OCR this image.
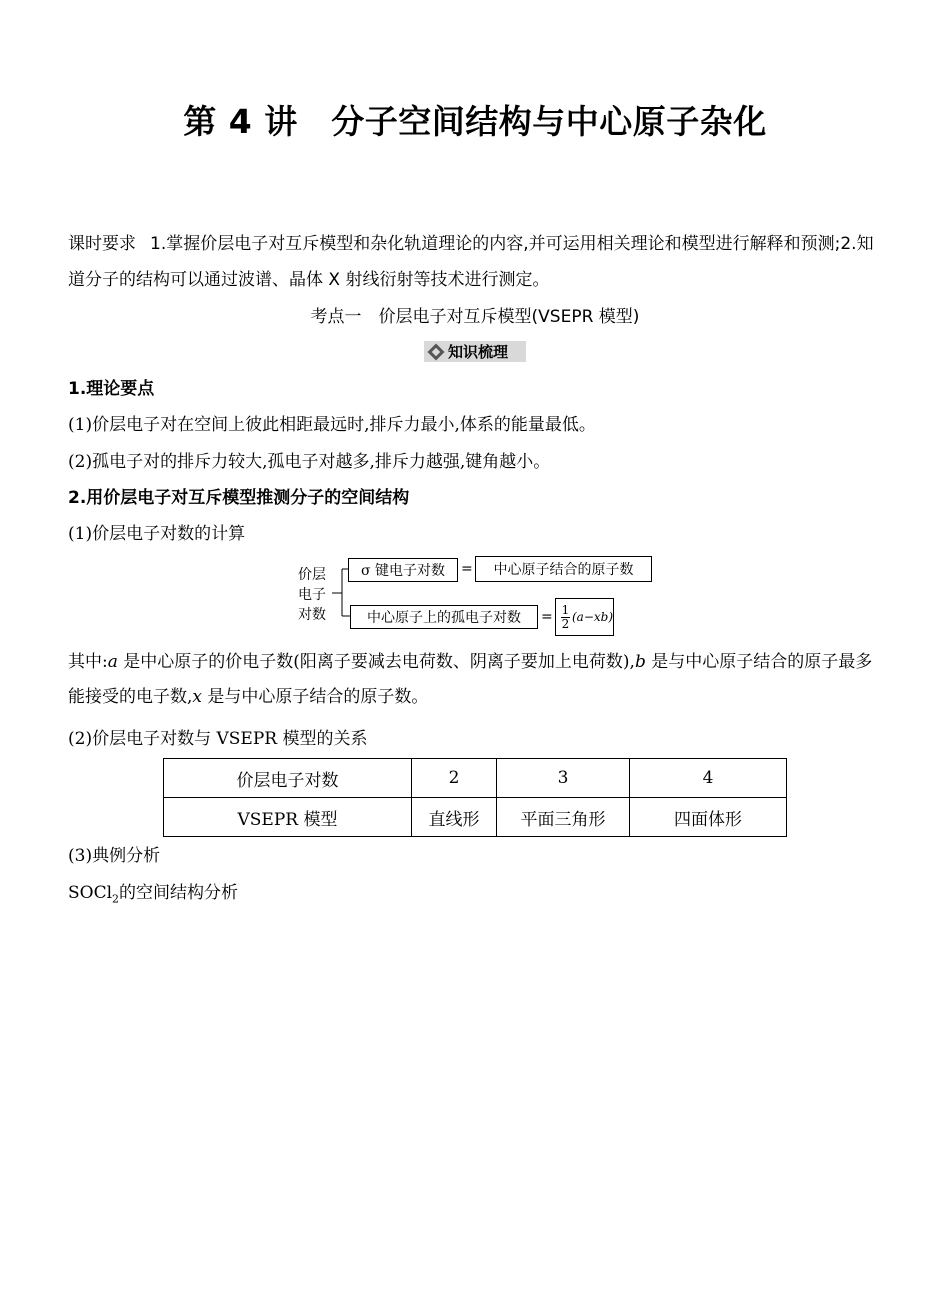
第 4 讲　分子空间结构与中心原子杂化
课时要求 1.掌握价层电子对互斥模型和杂化轨道理论的内容,并可运用相关理论和模型进行解释和预测;2.知道分子的结构可以通过波谱、晶体 X 射线衍射等技术进行测定。
考点一　价层电子对互斥模型(VSEPR 模型)
知识梳理
1.理论要点
(1)价层电子对在空间上彼此相距最远时,排斥力最小,体系的能量最低。
(2)孤电子对的排斥力较大,孤电子对越多,排斥力越强,键角越小。
2.用价层电子对互斥模型推测分子的空间结构
(1)价层电子对数的计算
价层
电子
对数
σ 键电子对数	=	中心原子结合的原子数
中心原子上的孤电子对数	= 1
2 (a−xb)
其中:a 是中心原子的价电子数(阳离子要减去电荷数、阴离子要加上电荷数),b 是与中心原子结合的原子最多能接受的电子数,x 是与中心原子结合的原子数。
(2)价层电子对数与 VSEPR 模型的关系
价层电子对数	2	3	4
VSEPR 模型	直线形	平面三角形	四面体形
(3)典例分析
SOCl$_2$的空间结构分析
